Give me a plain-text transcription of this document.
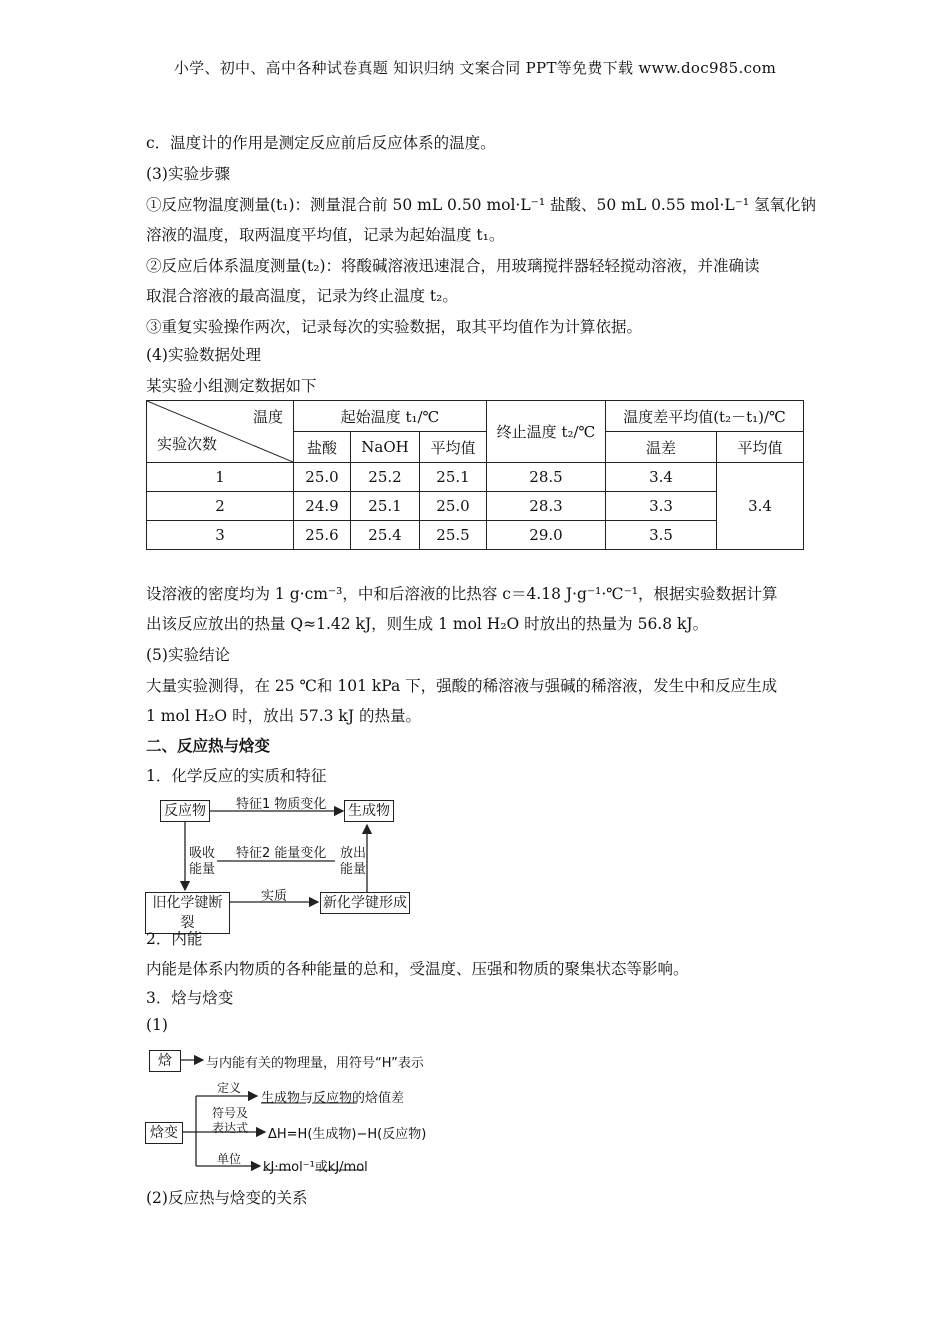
小学、初中、高中各种试卷真题 知识归纳 文案合同 PPT等免费下载 www.doc985.com
c．温度计的作用是测定反应前后反应体系的温度。
(3)实验步骤
①反应物温度测量(t₁)：测量混合前 50 mL 0.50 mol·L⁻¹ 盐酸、50 mL 0.55 mol·L⁻¹ 氢氧化钠
溶液的温度，取两温度平均值，记录为起始温度 t₁。
②反应后体系温度测量(t₂)：将酸碱溶液迅速混合，用玻璃搅拌器轻轻搅动溶液，并准确读
取混合溶液的最高温度，记录为终止温度 t₂。
③重复实验操作两次，记录每次的实验数据，取其平均值作为计算依据。
(4)实验数据处理
某实验小组测定数据如下
温度
实验次数	起始温度 t₁/℃			终止温度 t₂/℃	温度差平均值(t₂－t₁)/℃	
	盐酸	NaOH	平均值		温差	平均值
1	25.0	25.2	25.1	28.5	3.4	3.4
2	24.9	25.1	25.0	28.3	3.3	
3	25.6	25.4	25.5	29.0	3.5	
设溶液的密度均为 1 g·cm⁻³，中和后溶液的比热容 c＝4.18 J·g⁻¹·℃⁻¹，根据实验数据计算
出该反应放出的热量 Q≈1.42 kJ，则生成 1 mol H₂O 时放出的热量为 56.8 kJ。
(5)实验结论
大量实验测得，在 25 ℃和 101 kPa 下，强酸的稀溶液与强碱的稀溶液，发生中和反应生成
1 mol H₂O 时，放出 57.3 kJ 的热量。
二、反应热与焓变
1．化学反应的实质和特征
反应物	生成物
旧化学键断裂
新化学键形成
特征1 物质变化
特征2 能量变化
吸收
能量
放出
能量
实质
2．内能
内能是体系内物质的各种能量的总和，受温度、压强和物质的聚集状态等影响。
3．焓与焓变
(1)
焓
焓变
与内能有关的物理量，用符号“H”表示
定义
生成物与反应物的焓值差
符号及
表达式 ΔH=H(生成物)−H(反应物)
单位
kJ·mol⁻¹或kJ/mol
(2)反应热与焓变的关系
